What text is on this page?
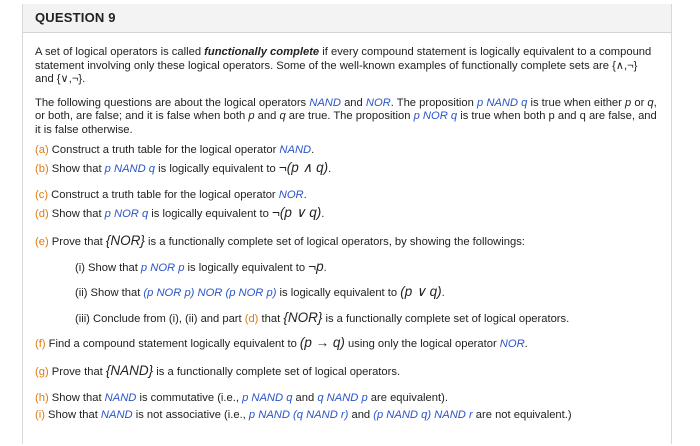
QUESTION 9

A set of logical operators is called functionally complete if every compound statement is logically equivalent to a compound statement involving only these logical operators. Some of the well-known examples of functionally complete sets are {∧,¬} and {∨,¬}.

The following questions are about the logical operators NAND and NOR. The proposition p NAND q is true when either p or q, or both, are false; and it is false when both p and q are true. The proposition p NOR q is true when both p and q are false, and it is false otherwise.

(a) Construct a truth table for the logical operator NAND.

(b) Show that p NAND q is logically equivalent to ¬(p ∧ q).

(c) Construct a truth table for the logical operator NOR.

(d) Show that p NOR q is logically equivalent to ¬(p ∨ q).

(e) Prove that {NOR} is a functionally complete set of logical operators, by showing the followings:

(i) Show that p NOR p is logically equivalent to ¬p.

(ii) Show that (p NOR p) NOR (p NOR p) is logically equivalent to (p ∨ q).

(iii) Conclude from (i), (ii) and part (d) that {NOR} is a functionally complete set of logical operators.

(f) Find a compound statement logically equivalent to (p → q) using only the logical operator NOR.

(g) Prove that {NAND} is a functionally complete set of logical operators.

(h) Show that NAND is commutative (i.e., p NAND q and q NAND p are equivalent).

(i) Show that NAND is not associative (i.e., p NAND (q NAND r) and (p NAND q) NAND r are not equivalent.)
